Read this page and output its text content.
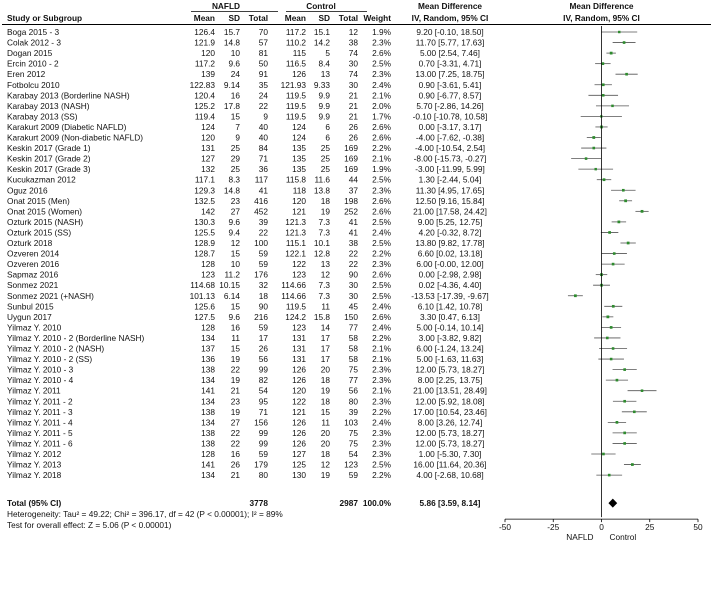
NAFLD	Control	Mean Difference	Mean Difference
Study or Subgroup	Mean SD Total Mean SD Total Weight IV, Random, 95% CI	IV, Random, 95% CI
Boga 2015 - 3	126.4 15.7 70 117.2 15.1 12 1.9%	9.20 [-0.10, 18.50]
Colak 2012 - 3	121.9 14.8 57 110.2 14.2 38 2.3%	11.70 [5.77, 17.63]
Dogan 2015	120 10 81	115 5 74 2.6%	5.00 [2.54, 7.46]
Ercin 2010 - 2	117.2 9.6 50 116.5 8.4 30 2.5%	0.70 [-3.31, 4.71]
Eren 2012	139 24 91	126 13 74 2.3%	13.00 [7.25, 18.75]
Fotbolcu 2010	122.83 9.14 35 121.93 9.33 30 2.4%	0.90 [-3.61, 5.41]
Karabay 2013 (Borderline NASH)	120.4 16 24 119.5 9.9 21 2.1%	0.90 [-6.77, 8.57]
Karabay 2013 (NASH)	125.2 17.8 22 119.5 9.9 21 2.0%	5.70 [-2.86, 14.26]
Karabay 2013 (SS)	119.4 15	9 119.5 9.9 21 1.7%	-0.10 [-10.78, 10.58]
Karakurt 2009 (Diabetic NAFLD)	124 7 40	124 6 26 2.6%	0.00 [-3.17, 3.17]
Karakurt 2009 (Non-diabetic NAFLD)	120 9 40	124 6 26 2.6%	-4.00 [-7.62, -0.38]
Keskin 2017 (Grade 1)	131 25 84	135 25 169 2.2%	-4.00 [-10.54, 2.54]
Keskin 2017 (Grade 2)	127 29 71	135 25 169 2.1%	-8.00 [-15.73, -0.27]
Keskin 2017 (Grade 3)	132 25 36	135 25 169 1.9%	-3.00 [-11.99, 5.99]
Kucukazman 2012	117.1 8.3 117 115.8 11.6 44 2.5%	1.30 [-2.44, 5.04]
Oguz 2016	129.3 14.8 41	118 13.8 37 2.3%	11.30 [4.95, 17.65]
Onat 2015 (Men)	132.5 23 416	120 18 198 2.6%	12.50 [9.16, 15.84]
Onat 2015 (Women)	142 27 452	121 19 252 2.6%	21.00 [17.58, 24.42]
Ozturk 2015 (NASH)	130.3 9.6 39 121.3 7.3 41 2.5%	9.00 [5.25, 12.75]
Ozturk 2015 (SS)	125.5 9.4 22 121.3 7.3 41 2.4%	4.20 [-0.32, 8.72]
Ozturk 2018	128.9 12 100 115.1 10.1 38 2.5%	13.80 [9.82, 17.78]
Ozveren 2014	128.7 15 59 122.1 12.8 22 2.2%	6.60 [0.02, 13.18]
Ozveren 2016	128 10 59	122 13 22 2.3%	6.00 [-0.00, 12.00]
Sapmaz 2016	123 11.2 176	123 12 90 2.6%	0.00 [-2.98, 2.98]
Sonmez 2021	114.68 10.15 32 114.66 7.3 30 2.5%	0.02 [-4.36, 4.40]
Sonmez 2021 (+NASH)	101.13 6.14 18 114.66 7.3 30 2.5% -13.53 [-17.39, -9.67]
Sunbul 2015	125.6 15 90 119.5 11 45 2.4%	6.10 [1.42, 10.78]
Uygun 2017	127.5 9.6 216 124.2 15.8 150 2.6%	3.30 [0.47, 6.13]
Yilmaz Y. 2010	128 16 59	123 14 77 2.4%	5.00 [-0.14, 10.14]
Yilmaz Y. 2010 - 2 (Borderline NASH)	134 11 17	131 17 58 2.2%	3.00 [-3.82, 9.82]
Yilmaz Y. 2010 - 2 (NASH)	137 15 26	131 17 58 2.1%	6.00 [-1.24, 13.24]
Yilmaz Y. 2010 - 2 (SS)	136 19 56	131 17 58 2.1%	5.00 [-1.63, 11.63]
Yilmaz Y. 2010 - 3	138 22 99	126 20 75 2.3%	12.00 [5.73, 18.27]
Yilmaz Y. 2010 - 4	134 19 82	126 18 77 2.3%	8.00 [2.25, 13.75]
Yilmaz Y. 2011	141 21 54	120 19 56 2.1%	21.00 [13.51, 28.49]
Yilmaz Y. 2011 - 2	134 23 95	122 18 80 2.3%	12.00 [5.92, 18.08]
Yilmaz Y. 2011 - 3	138 19 71	121 15 39 2.2%	17.00 [10.54, 23.46]
Yilmaz Y. 2011 - 4	134 27 156	126 11 103 2.4%	8.00 [3.26, 12.74]
Yilmaz Y. 2011 - 5	138 22 99	126 20 75 2.3%	12.00 [5.73, 18.27]
Yilmaz Y. 2011 - 6	138 22 99	126 20 75 2.3%	12.00 [5.73, 18.27]
Yilmaz Y. 2012	128 16 59	127 18 54 2.3%	1.00 [-5.30, 7.30]
Yilmaz Y. 2013	141 26 179	125 12 123 2.5%	16.00 [11.64, 20.36]
Yilmaz Y. 2018	134 21 80	130 19 59 2.2%	4.00 [-2.68, 10.68]
Total (95% CI)	3778	2987 100.0%	5.86 [3.59, 8.14]
-50	-25	0	25	50
NAFLD Control
Heterogeneity: Tau² = 49.22; Chi² = 396.17, df = 42 (P < 0.00001); I² = 89%
Test for overall effect: Z = 5.06 (P < 0.00001)
